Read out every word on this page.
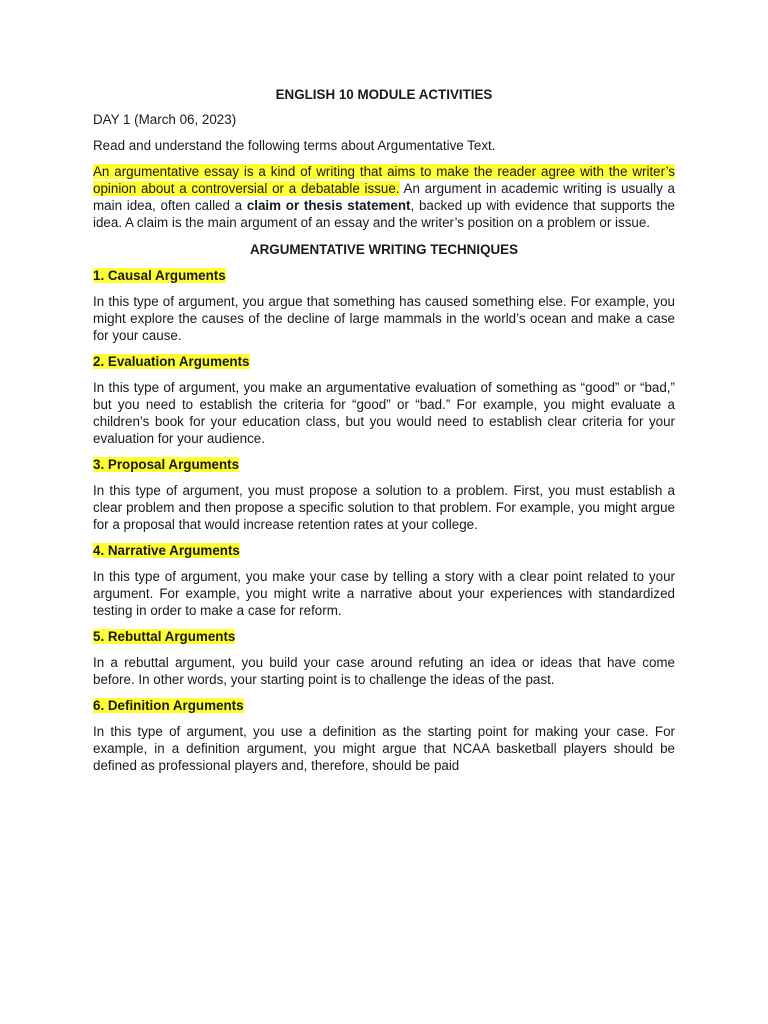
ENGLISH 10 MODULE ACTIVITIES
DAY 1 (March 06, 2023)
Read and understand the following terms about Argumentative Text.
An argumentative essay is a kind of writing that aims to make the reader agree with the writer’s opinion about a controversial or a debatable issue. An argument in academic writing is usually a main idea, often called a claim or thesis statement, backed up with evidence that supports the idea. A claim is the main argument of an essay and the writer’s position on a problem or issue.
ARGUMENTATIVE WRITING TECHNIQUES
1. Causal Arguments
In this type of argument, you argue that something has caused something else. For example, you might explore the causes of the decline of large mammals in the world’s ocean and make a case for your cause.
2. Evaluation Arguments
In this type of argument, you make an argumentative evaluation of something as “good” or “bad,” but you need to establish the criteria for “good” or “bad.” For example, you might evaluate a children’s book for your education class, but you would need to establish clear criteria for your evaluation for your audience.
3. Proposal Arguments
In this type of argument, you must propose a solution to a problem. First, you must establish a clear problem and then propose a specific solution to that problem. For example, you might argue for a proposal that would increase retention rates at your college.
4. Narrative Arguments
In this type of argument, you make your case by telling a story with a clear point related to your argument. For example, you might write a narrative about your experiences with standardized testing in order to make a case for reform.
5. Rebuttal Arguments
In a rebuttal argument, you build your case around refuting an idea or ideas that have come before. In other words, your starting point is to challenge the ideas of the past.
6. Definition Arguments
In this type of argument, you use a definition as the starting point for making your case. For example, in a definition argument, you might argue that NCAA basketball players should be defined as professional players and, therefore, should be paid
